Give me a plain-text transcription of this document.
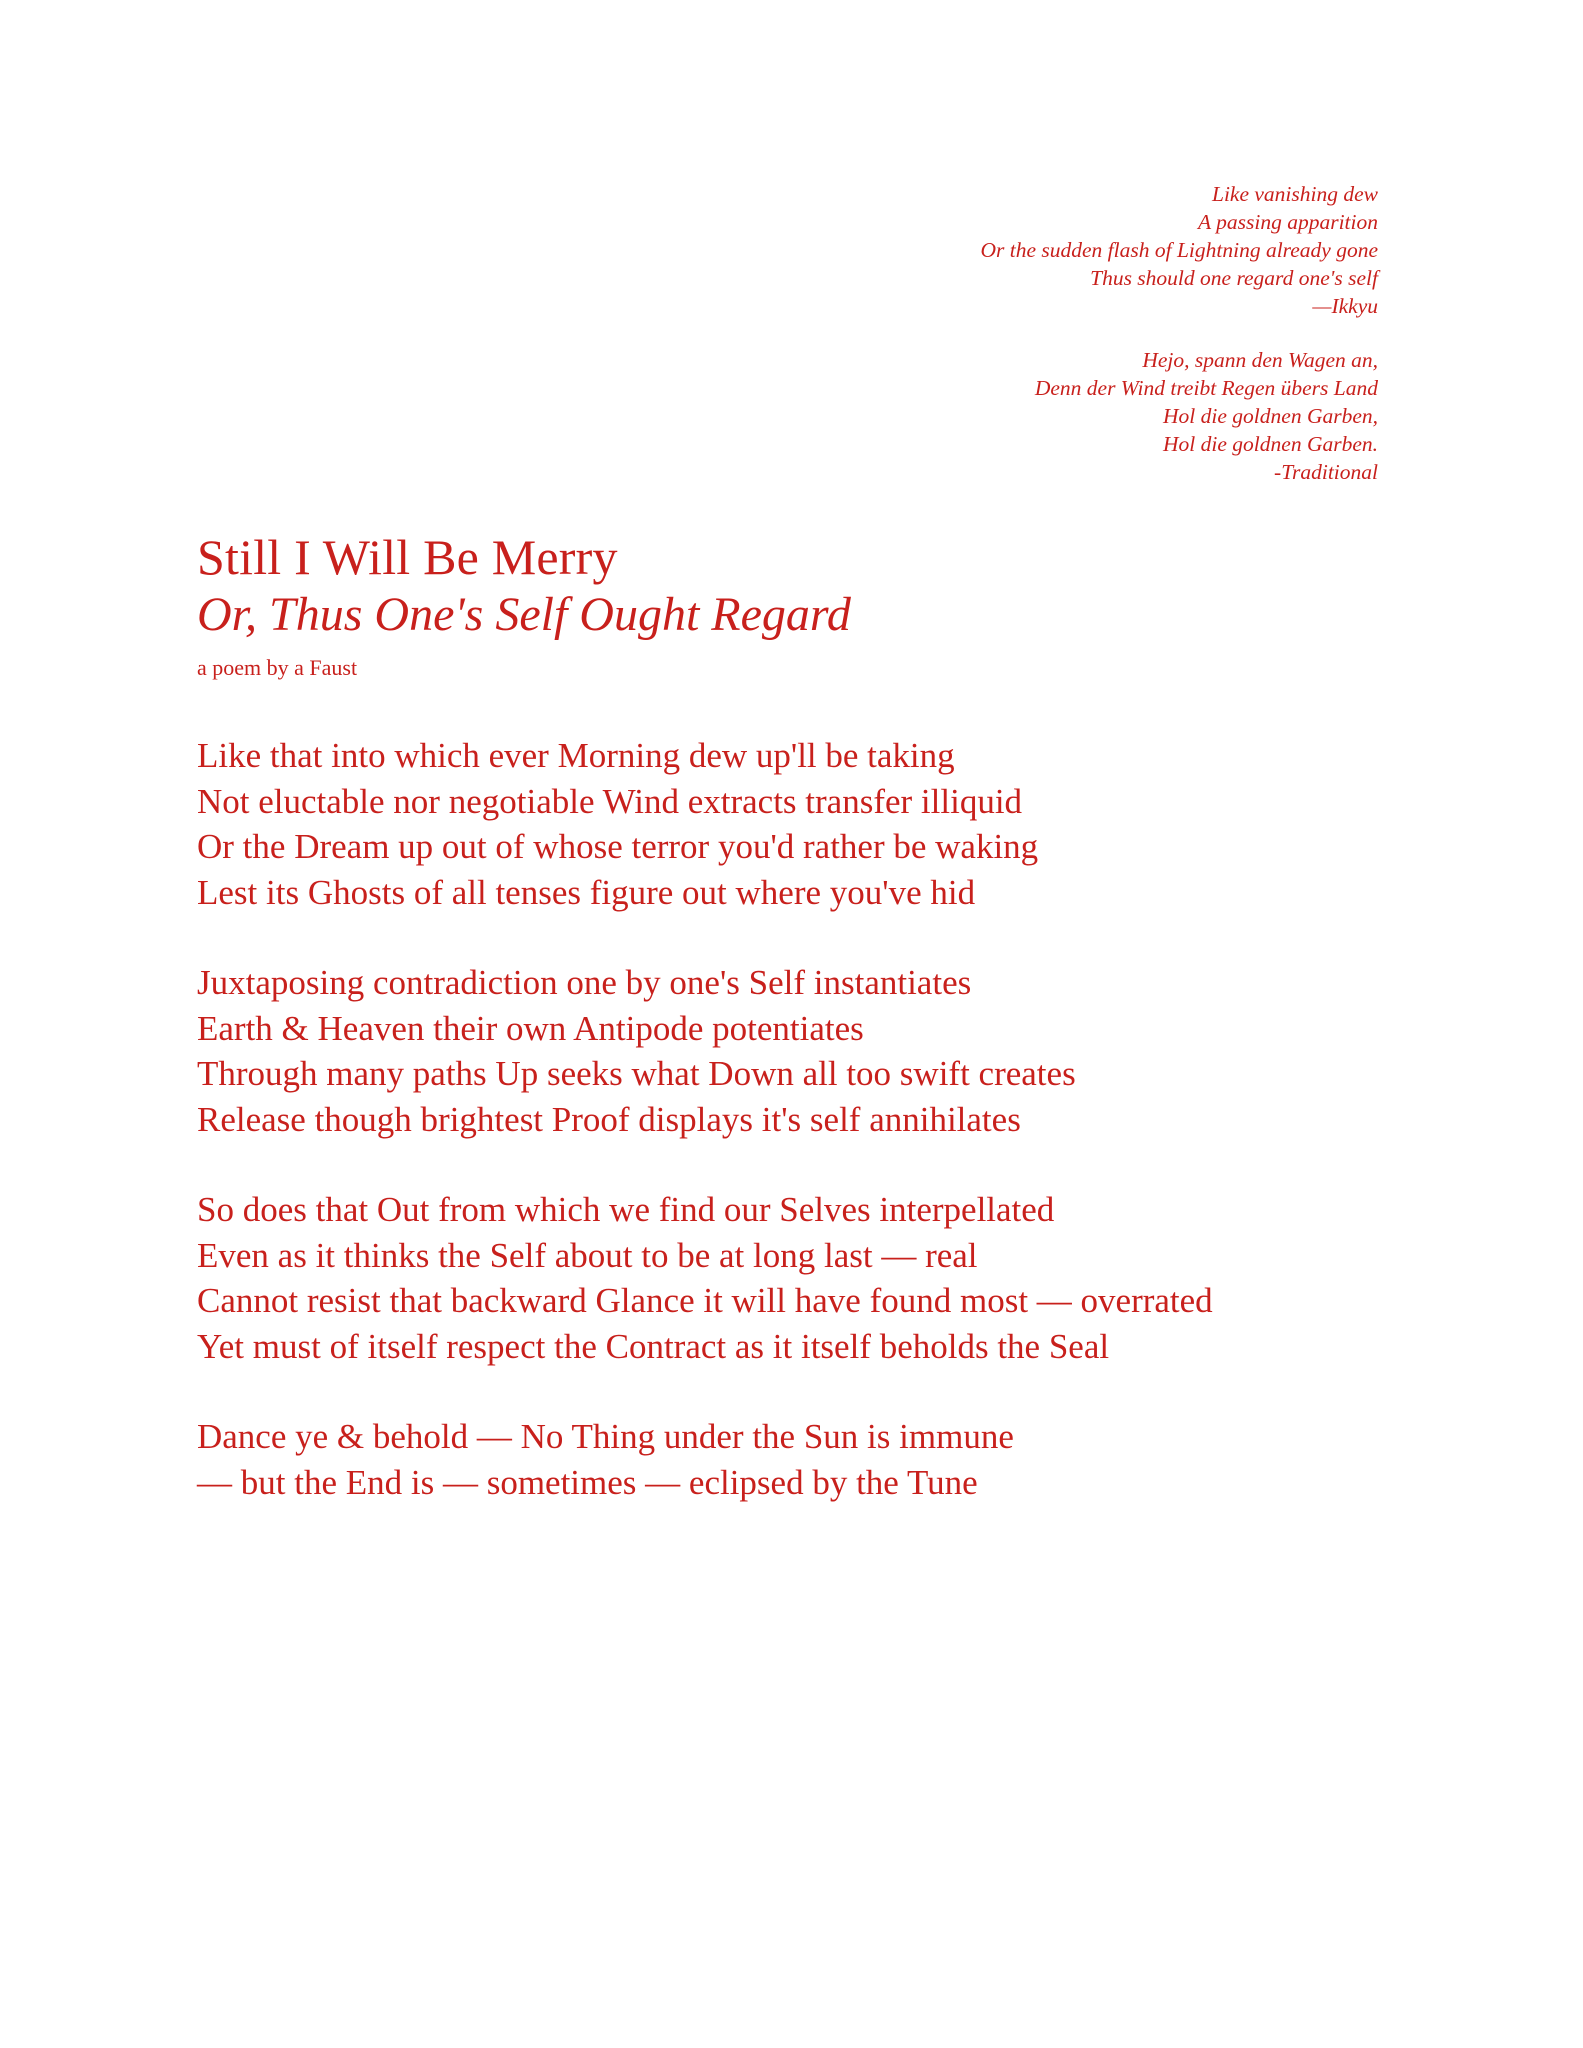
Like vanishing dew
A passing apparition
Or the sudden flash of Lightning already gone
Thus should one regard one's self
—Ikkyu
Hejo, spann den Wagen an,
Denn der Wind treibt Regen übers Land
Hol die goldnen Garben,
Hol die goldnen Garben.
-Traditional
Still I Will Be Merry
Or, Thus One's Self Ought Regard
a poem by a Faust
Like that into which ever Morning dew up'll be taking
Not eluctable nor negotiable Wind extracts transfer illiquid
Or the Dream up out of whose terror you'd rather be waking
Lest its Ghosts of all tenses figure out where you've hid
Juxtaposing contradiction one by one's Self instantiates
Earth & Heaven their own Antipode potentiates
Through many paths Up seeks what Down all too swift creates
Release though brightest Proof displays it's self annihilates
So does that Out from which we find our Selves interpellated
Even as it thinks the Self about to be at long last — real
Cannot resist that backward Glance it will have found most — overrated
Yet must of itself respect the Contract as it itself beholds the Seal
Dance ye & behold — No Thing under the Sun is immune
— but the End is — sometimes — eclipsed by the Tune
